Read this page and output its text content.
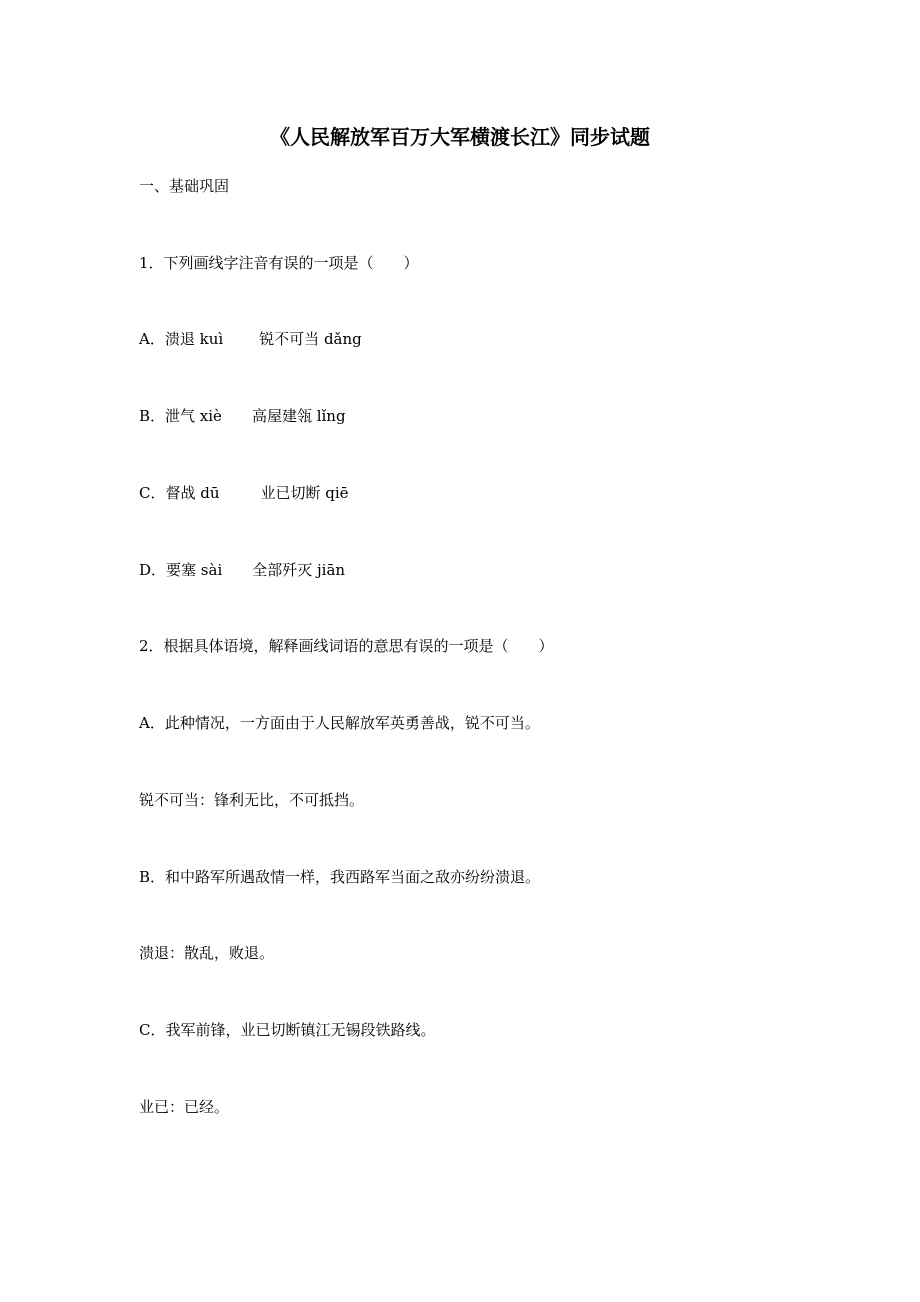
《人民解放军百万大军横渡长江》同步试题
一、基础巩固
1．下列画线字注音有误的一项是（　　）
A．溃退 kuì 锐不可当 dǎng
B．泄气 xiè 高屋建瓴 lǐng
C．督战 dū	业已切断 qiē
D．要塞 sài 全部歼灭 jiān
2．根据具体语境，解释画线词语的意思有误的一项是（　　）
A．此种情况，一方面由于人民解放军英勇善战，锐不可当。
锐不可当：锋利无比，不可抵挡。
B．和中路军所遇敌情一样，我西路军当面之敌亦纷纷溃退。
溃退：散乱，败退。
C．我军前锋，业已切断镇江无锡段铁路线。
业已：已经。
